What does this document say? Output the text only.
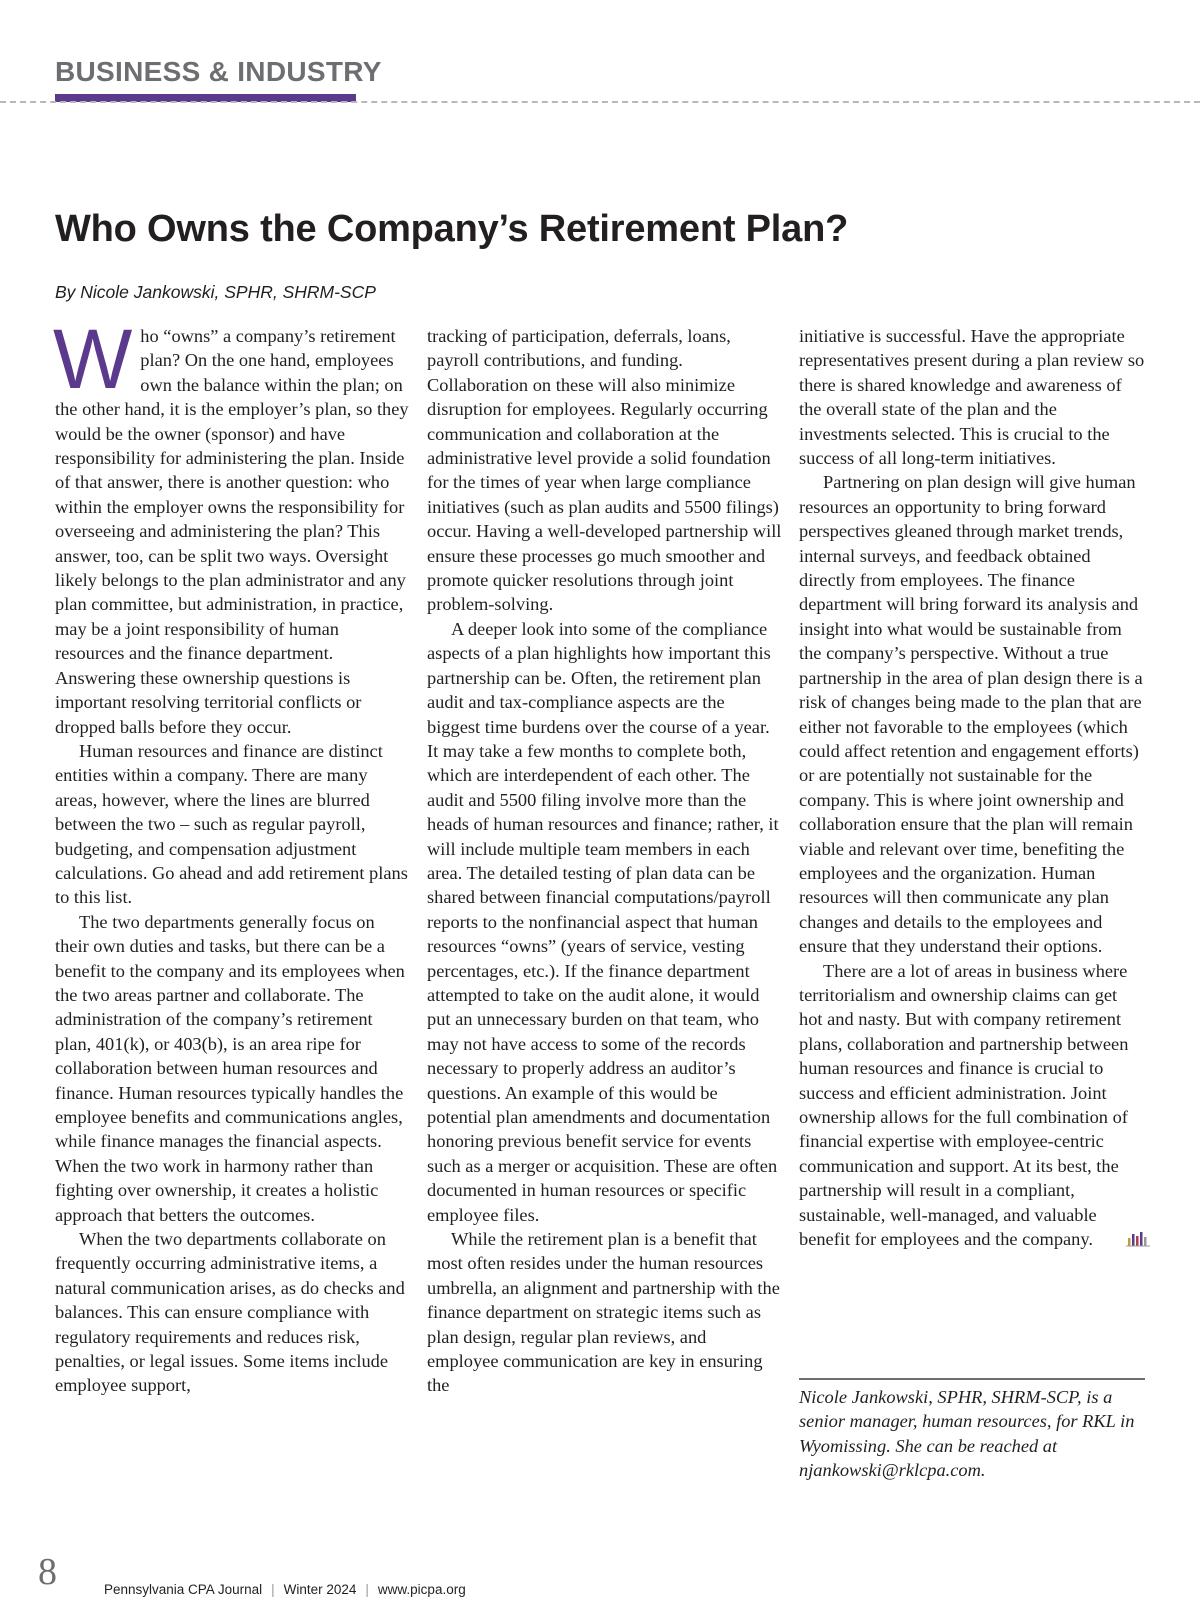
BUSINESS & INDUSTRY
Who Owns the Company’s Retirement Plan?
By Nicole Jankowski, SPHR, SHRM-SCP

Who “owns” a company’s retirement plan? On the one hand, employees own the balance within the plan; on the other hand, it is the employer’s plan, so they would be the owner (sponsor) and have responsibility for administering the plan. Inside of that answer, there is another question: who within the employer owns the responsibility for overseeing and administering the plan? This answer, too, can be split two ways. Oversight likely belongs to the plan administrator and any plan committee, but administration, in practice, may be a joint responsibility of human resources and the finance department. Answering these ownership questions is important resolving territorial conflicts or dropped balls before they occur.

Human resources and finance are distinct entities within a company. There are many areas, however, where the lines are blurred between the two – such as regular payroll, budgeting, and compensation adjustment calculations. Go ahead and add retirement plans to this list.

The two departments generally focus on their own duties and tasks, but there can be a benefit to the company and its employees when the two areas partner and collaborate. The administration of the company’s retirement plan, 401(k), or 403(b), is an area ripe for collaboration between human resources and finance. Human resources typically handles the employee benefits and communications angles, while finance manages the financial aspects. When the two work in harmony rather than fighting over ownership, it creates a holistic approach that betters the outcomes.

When the two departments collaborate on frequently occurring administrative items, a natural communication arises, as do checks and balances. This can ensure compliance with regulatory requirements and reduces risk, penalties, or legal issues. Some items include employee support,

tracking of participation, deferrals, loans, payroll contributions, and funding. Collaboration on these will also minimize disruption for employees. Regularly occurring communication and collaboration at the administrative level provide a solid foundation for the times of year when large compliance initiatives (such as plan audits and 5500 filings) occur. Having a well-developed partnership will ensure these processes go much smoother and promote quicker resolutions through joint problem-solving.

A deeper look into some of the compliance aspects of a plan highlights how important this partnership can be. Often, the retirement plan audit and tax-compliance aspects are the biggest time burdens over the course of a year. It may take a few months to complete both, which are interdependent of each other. The audit and 5500 filing involve more than the heads of human resources and finance; rather, it will include multiple team members in each area. The detailed testing of plan data can be shared between financial computations/payroll reports to the nonfinancial aspect that human resources “owns” (years of service, vesting percentages, etc.). If the finance department attempted to take on the audit alone, it would put an unnecessary burden on that team, who may not have access to some of the records necessary to properly address an auditor’s questions. An example of this would be potential plan amendments and documentation honoring previous benefit service for events such as a merger or acquisition. These are often documented in human resources or specific employee files.

While the retirement plan is a benefit that most often resides under the human resources umbrella, an alignment and partnership with the finance department on strategic items such as plan design, regular plan reviews, and employee communication are key in ensuring the

initiative is successful. Have the appropriate representatives present during a plan review so there is shared knowledge and awareness of the overall state of the plan and the investments selected. This is crucial to the success of all long-term initiatives.

Partnering on plan design will give human resources an opportunity to bring forward perspectives gleaned through market trends, internal surveys, and feedback obtained directly from employees. The finance department will bring forward its analysis and insight into what would be sustainable from the company’s perspective. Without a true partnership in the area of plan design there is a risk of changes being made to the plan that are either not favorable to the employees (which could affect retention and engagement efforts) or are potentially not sustainable for the company. This is where joint ownership and collaboration ensure that the plan will remain viable and relevant over time, benefiting the employees and the organization. Human resources will then communicate any plan changes and details to the employees and ensure that they understand their options.

There are a lot of areas in business where territorialism and ownership claims can get hot and nasty. But with company retirement plans, collaboration and partnership between human resources and finance is crucial to success and efficient administration. Joint ownership allows for the full combination of financial expertise with employee-centric communication and support. At its best, the partnership will result in a compliant, sustainable, well-managed, and valuable benefit for employees and the company.

Nicole Jankowski, SPHR, SHRM-SCP, is a senior manager, human resources, for RKL in Wyomissing. She can be reached at njankowski@rklcpa.com.
8	Pennsylvania CPA Journal | Winter 2024 | www.picpa.org
